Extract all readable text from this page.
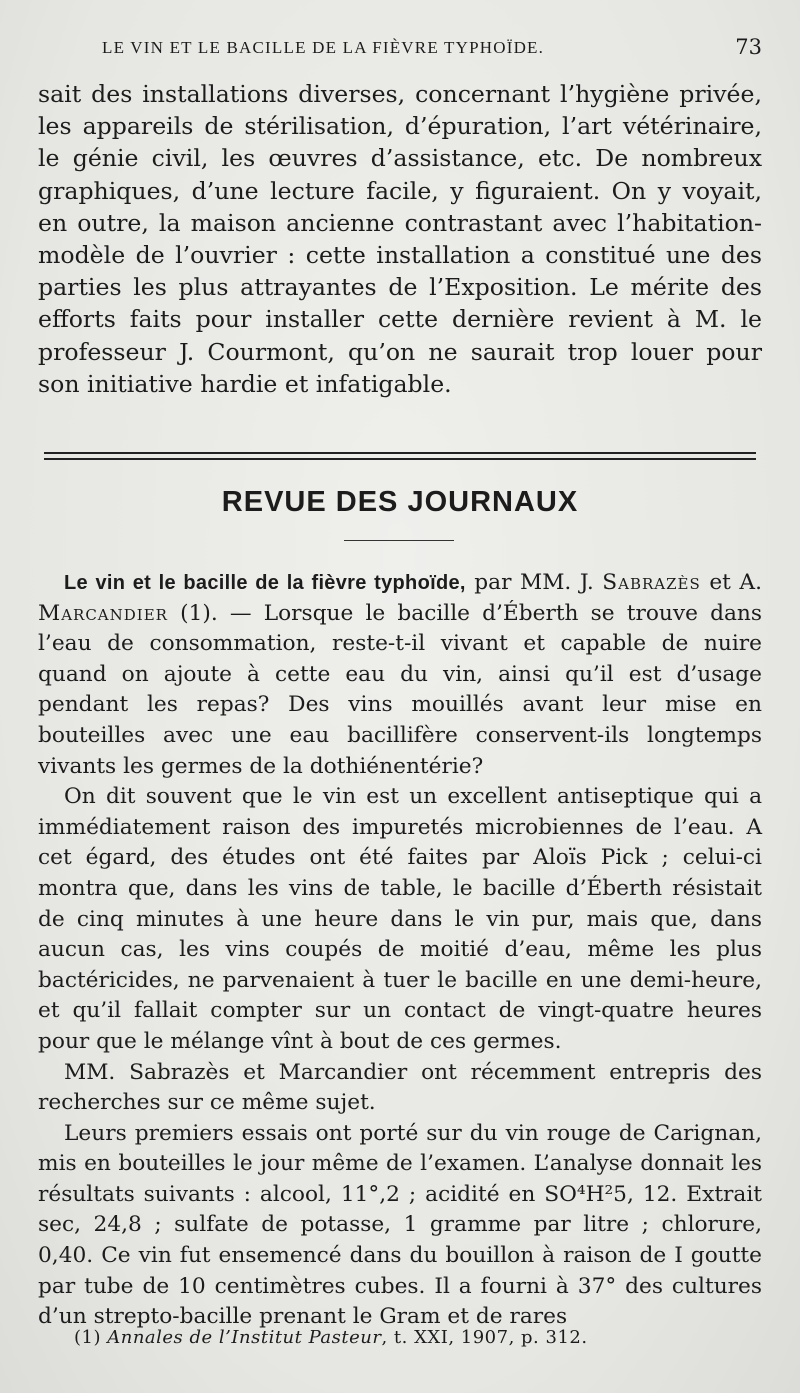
LE VIN ET LE BACILLE DE LA FIÈVRE TYPHOÏDE.	73

sait des installations diverses, concernant l’hygiène privée, les appareils de stérilisation, d’épuration, l’art vétérinaire, le génie civil, les œuvres d’assistance, etc. De nombreux graphiques, d’une lecture facile, y figuraient. On y voyait, en outre, la maison ancienne contrastant avec l’habitation-modèle de l’ouvrier : cette installation a constitué une des parties les plus attrayantes de l’Exposition. Le mérite des efforts faits pour installer cette dernière revient à M. le professeur J. Courmont, qu’on ne saurait trop louer pour son initiative hardie et infatigable.

REVUE DES JOURNAUX

Le vin et le bacille de la fièvre typhoïde, par MM. J. Sabrazès et A. Marcandier (1). — Lorsque le bacille d’Éberth se trouve dans l’eau de consommation, reste-t-il vivant et capable de nuire quand on ajoute à cette eau du vin, ainsi qu’il est d’usage pendant les repas? Des vins mouillés avant leur mise en bouteilles avec une eau bacillifère conservent-ils longtemps vivants les germes de la dothiénentérie?

On dit souvent que le vin est un excellent antiseptique qui a immédiatement raison des impuretés microbiennes de l’eau. A cet égard, des études ont été faites par Aloïs Pick ; celui-ci montra que, dans les vins de table, le bacille d’Éberth résistait de cinq minutes à une heure dans le vin pur, mais que, dans aucun cas, les vins coupés de moitié d’eau, même les plus bactéricides, ne parvenaient à tuer le bacille en une demi-heure, et qu’il fallait compter sur un contact de vingt-quatre heures pour que le mélange vînt à bout de ces germes.

MM. Sabrazès et Marcandier ont récemment entrepris des recherches sur ce même sujet.

Leurs premiers essais ont porté sur du vin rouge de Carignan, mis en bouteilles le jour même de l’examen. L’analyse donnait les résultats suivants : alcool, 11°,2 ; acidité en SO⁴H²5, 12. Extrait sec, 24,8 ; sulfate de potasse, 1 gramme par litre ; chlorure, 0,40. Ce vin fut ensemencé dans du bouillon à raison de I goutte par tube de 10 centimètres cubes. Il a fourni à 37° des cultures d’un strepto-bacille prenant le Gram et de rares

(1) Annales de l’Institut Pasteur, t. XXI, 1907, p. 312.
